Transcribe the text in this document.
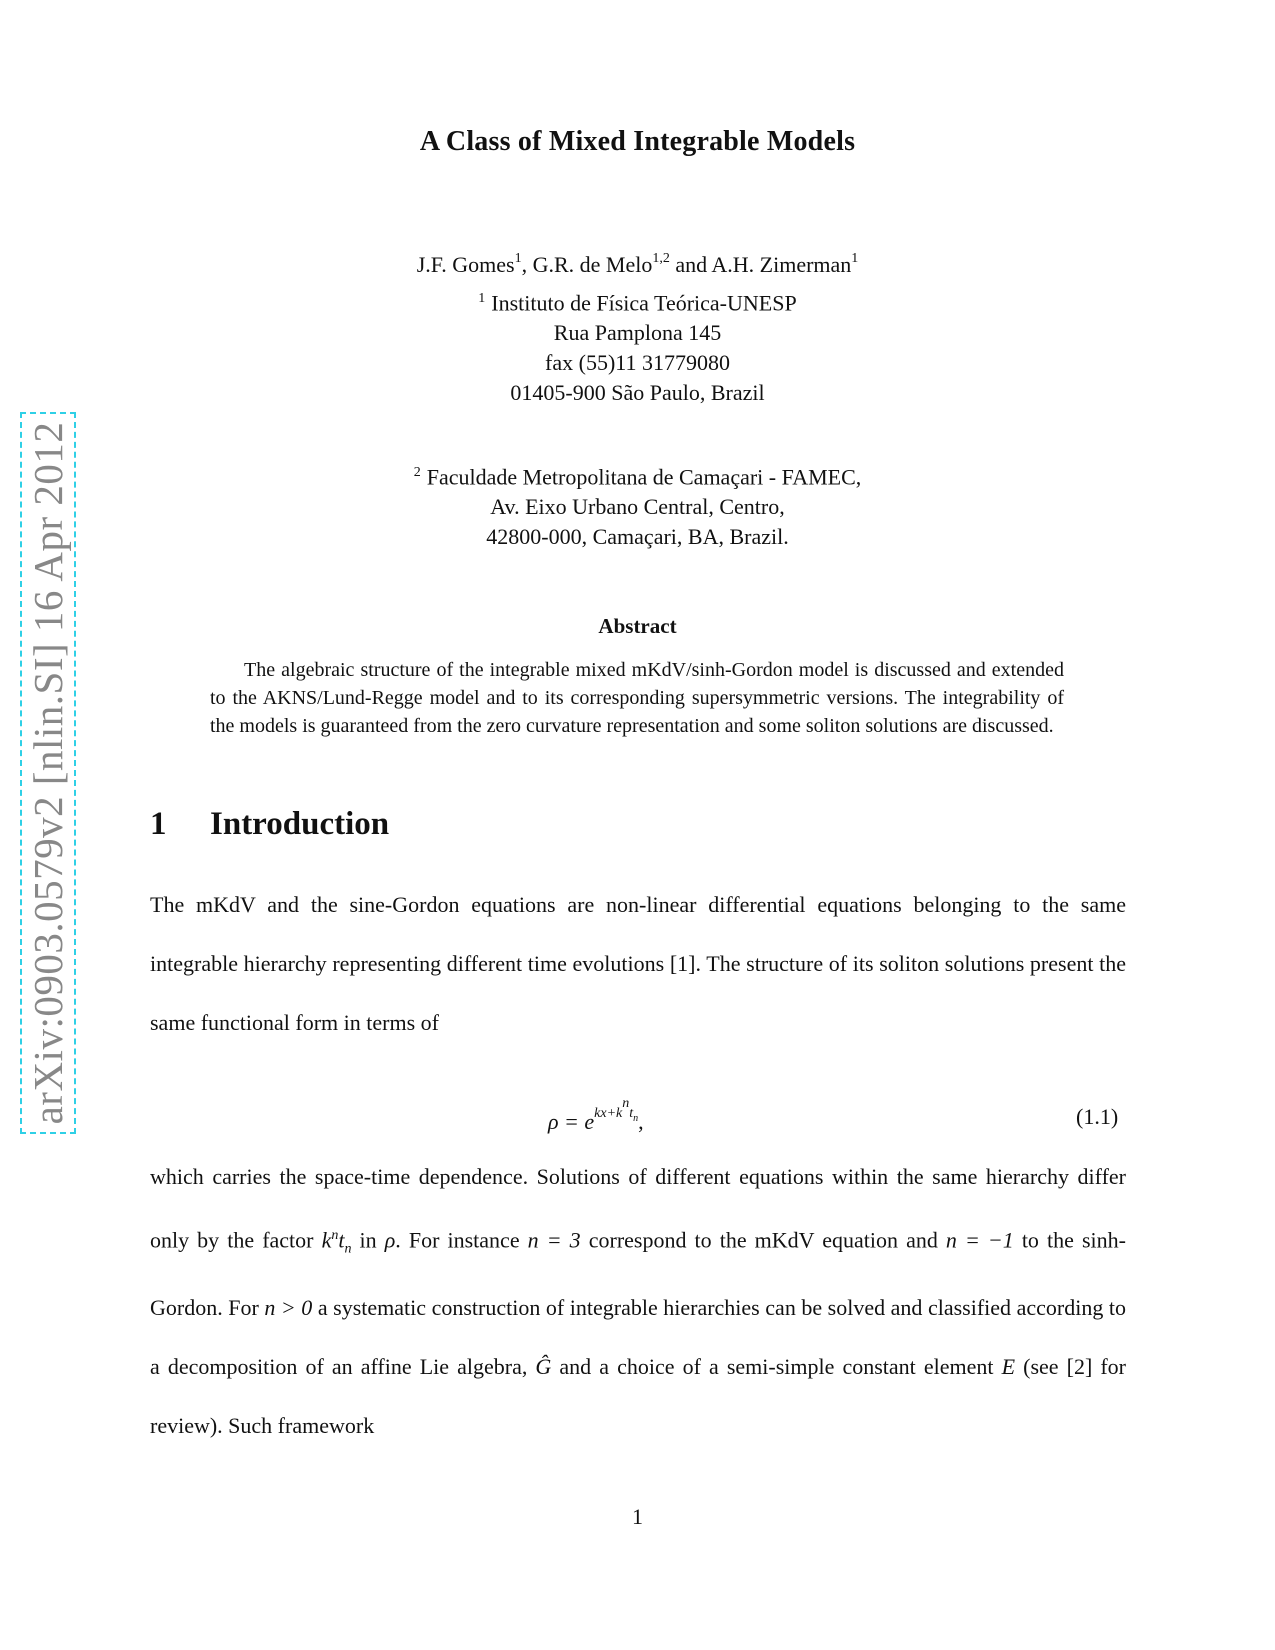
arXiv:0903.0579v2 [nlin.SI] 16 Apr 2012
A Class of Mixed Integrable Models
J.F. Gomes$^1$, G.R. de Melo$^{1,2}$ and A.H. Zimerman$^1$
$^1$ Instituto de Física Teórica-UNESP
Rua Pamplona 145
fax (55)11 31779080
01405-900 São Paulo, Brazil
$^2$ Faculdade Metropolitana de Camaçari - FAMEC,
Av. Eixo Urbano Central, Centro,
42800-000, Camaçari, BA, Brazil.
Abstract
The algebraic structure of the integrable mixed mKdV/sinh-Gordon model is discussed and extended to the AKNS/Lund-Regge model and to its corresponding supersymmetric versions. The integrability of the models is guaranteed from the zero curvature representation and some soliton solutions are discussed.
1 Introduction
The mKdV and the sine-Gordon equations are non-linear differential equations belonging to the same integrable hierarchy representing different time evolutions [1]. The structure of its soliton solutions present the same functional form in terms of
$\rho = e^{kx+k^nt_n}$,	(1.1)
which carries the space-time dependence. Solutions of different equations within the same hierarchy differ only by the factor $k^nt_n$ in ρ. For instance n = 3 correspond to the mKdV equation and n = −1 to the sinh-Gordon. For n > 0 a systematic construction of integrable hierarchies can be solved and classified according to a decomposition of an affine Lie algebra, Ĝ and a choice of a semi-simple constant element E (see [2] for review). Such framework
1
